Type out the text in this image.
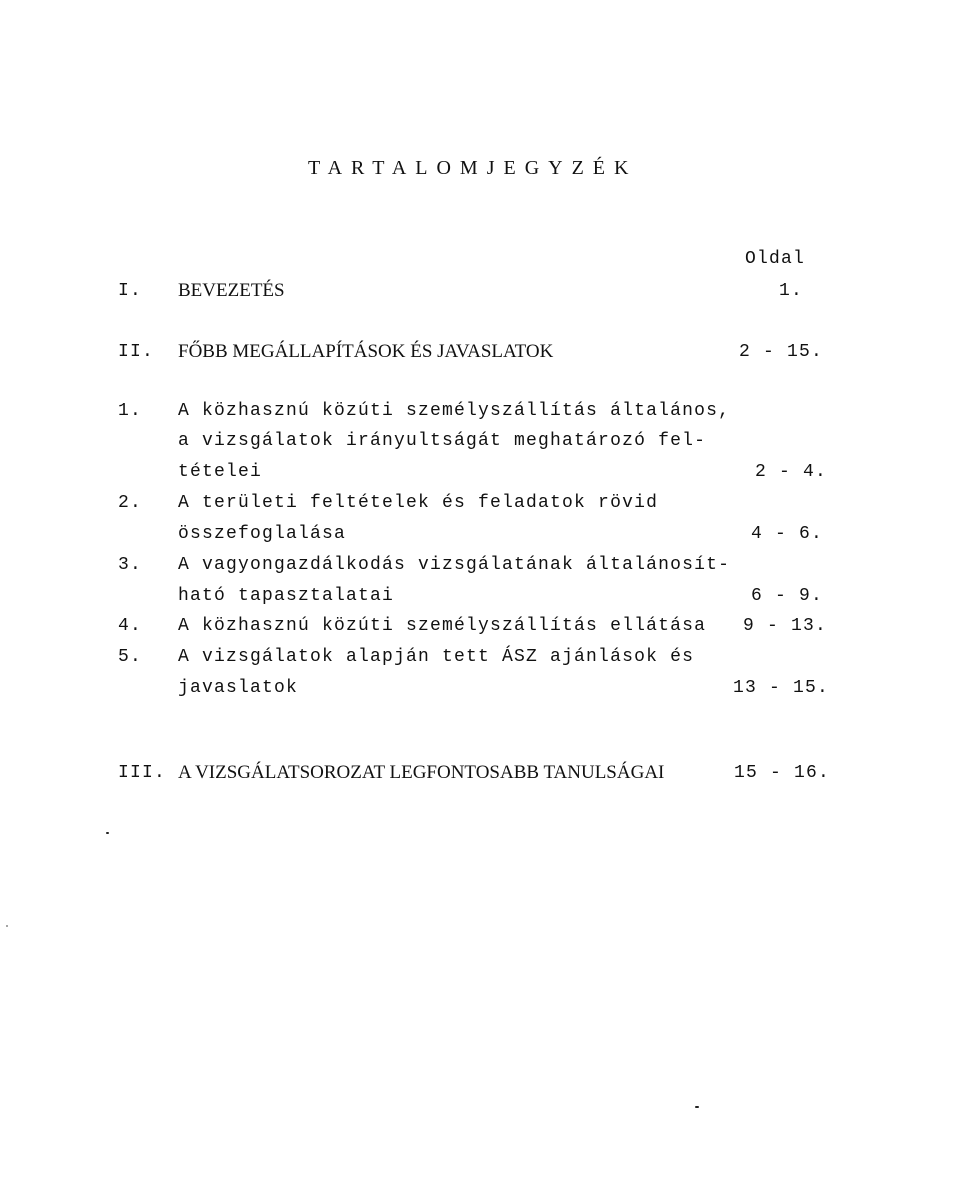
TARTALOMJEGYZÉK
Oldal
I. BEVEZETÉS	1.
II. FŐBB MEGÁLLAPÍTÁSOK ÉS JAVASLATOK	2 - 15.
1. A közhasznú közúti személyszállítás általános,
a vizsgálatok irányultságát meghatározó fel-
tételei	2 - 4.
2. A területi feltételek és feladatok rövid
összefoglalása	4 - 6.
3. A vagyongazdálkodás vizsgálatának általánosít-
ható tapasztalatai	6 - 9.
4. A közhasznú közúti személyszállítás ellátása 9 - 13.
5. A vizsgálatok alapján tett ÁSZ ajánlások és
javaslatok	13 - 15.
III. A VIZSGÁLATSOROZAT LEGFONTOSABB TANULSÁGAI	15 - 16.
